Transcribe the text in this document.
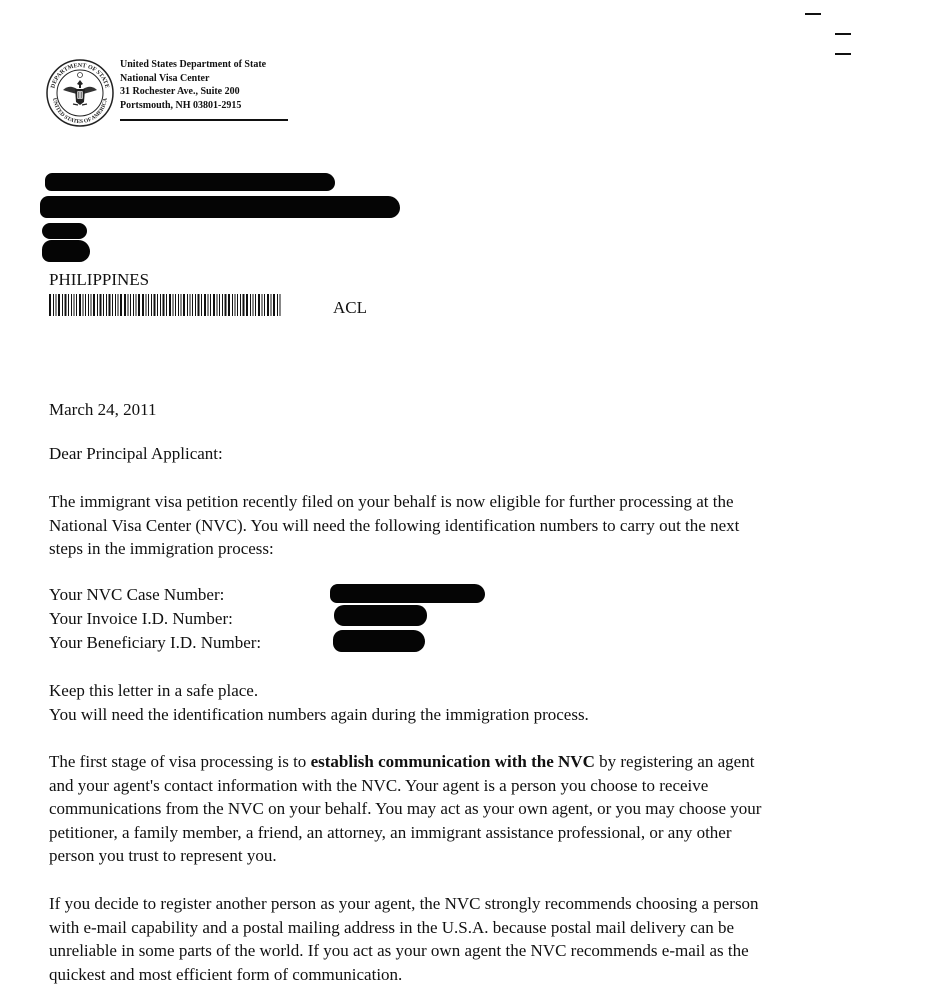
DEPARTMENT OF STATE
UNITED STATES OF AMERICA
United States Department of State
National Visa Center
31 Rochester Ave., Suite 200
Portsmouth, NH 03801-2915
PHILIPPINES
ACL
March 24, 2011
Dear Principal Applicant:
The immigrant visa petition recently filed on your behalf is now eligible for further processing at the
National Visa Center (NVC). You will need the following identification numbers to carry out the next
steps in the immigration process:
Your NVC Case Number:
Your Invoice I.D. Number:
Your Beneficiary I.D. Number:
Keep this letter in a safe place.
You will need the identification numbers again during the immigration process.
The first stage of visa processing is to establish communication with the NVC by registering an agent
and your agent's contact information with the NVC. Your agent is a person you choose to receive
communications from the NVC on your behalf. You may act as your own agent, or you may choose your
petitioner, a family member, a friend, an attorney, an immigrant assistance professional, or any other
person you trust to represent you.
If you decide to register another person as your agent, the NVC strongly recommends choosing a person
with e-mail capability and a postal mailing address in the U.S.A. because postal mail delivery can be
unreliable in some parts of the world. If you act as your own agent the NVC recommends e-mail as the
quickest and most efficient form of communication.
